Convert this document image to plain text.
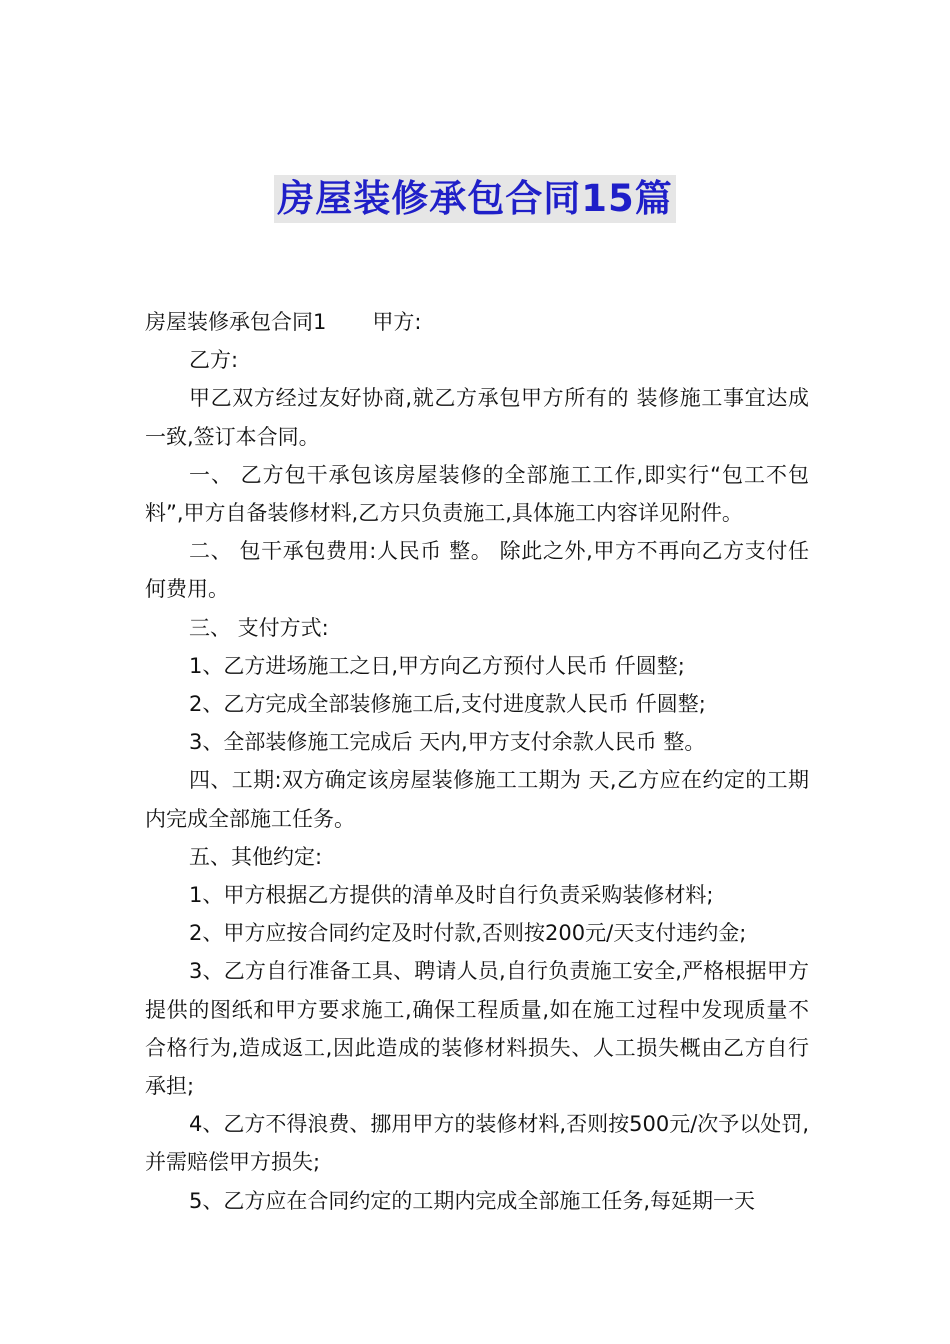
房屋装修承包合同15篇

房屋装修承包合同1 甲方:

乙方:

甲乙双方经过友好协商,就乙方承包甲方所有的 装修施工事宜达成一致,签订本合同。

一、 乙方包干承包该房屋装修的全部施工工作,即实行“包工不包料”,甲方自备装修材料,乙方只负责施工,具体施工内容详见附件。

二、 包干承包费用:人民币 整。 除此之外,甲方不再向乙方支付任何费用。

三、 支付方式:

1、乙方进场施工之日,甲方向乙方预付人民币 仟圆整;

2、乙方完成全部装修施工后,支付进度款人民币 仟圆整;

3、全部装修施工完成后 天内,甲方支付余款人民币 整。

四、工期:双方确定该房屋装修施工工期为 天,乙方应在约定的工期内完成全部施工任务。

五、其他约定:

1、甲方根据乙方提供的清单及时自行负责采购装修材料;

2、甲方应按合同约定及时付款,否则按200元/天支付违约金;

3、乙方自行准备工具、聘请人员,自行负责施工安全,严格根据甲方提供的图纸和甲方要求施工,确保工程质量,如在施工过程中发现质量不合格行为,造成返工,因此造成的装修材料损失、人工损失概由乙方自行承担;

4、乙方不得浪费、挪用甲方的装修材料,否则按500元/次予以处罚,并需赔偿甲方损失;

5、乙方应在合同约定的工期内完成全部施工任务,每延期一天
